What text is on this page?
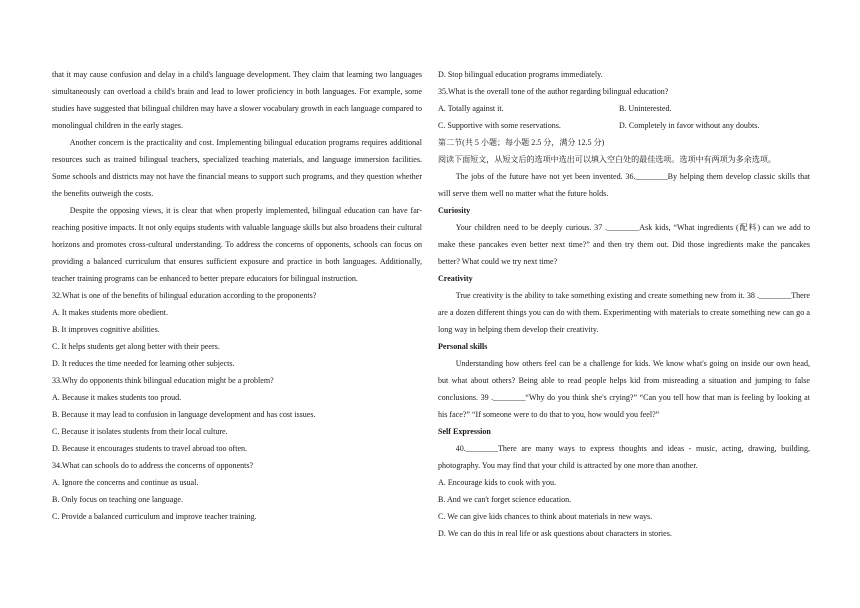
that it may cause confusion and delay in a child's language development. They claim that learning two languages simultaneously can overload a child's brain and lead to lower proficiency in both languages. For example, some studies have suggested that bilingual children may have a slower vocabulary growth in each language compared to monolingual children in the early stages.

Another concern is the practicality and cost. Implementing bilingual education programs requires additional resources such as trained bilingual teachers, specialized teaching materials, and language immersion facilities. Some schools and districts may not have the financial means to support such programs, and they question whether the benefits outweigh the costs.

Despite the opposing views, it is clear that when properly implemented, bilingual education can have far-reaching positive impacts. It not only equips students with valuable language skills but also broadens their cultural horizons and promotes cross-cultural understanding. To address the concerns of opponents, schools can focus on providing a balanced curriculum that ensures sufficient exposure and practice in both languages. Additionally, teacher training programs can be enhanced to better prepare educators for bilingual instruction.

32.What is one of the benefits of bilingual education according to the proponents?

A. It makes students more obedient.

B. It improves cognitive abilities.

C. It helps students get along better with their peers.

D. It reduces the time needed for learning other subjects.

33.Why do opponents think bilingual education might be a problem?

A. Because it makes students too proud.

B. Because it may lead to confusion in language development and has cost issues.

C. Because it isolates students from their local culture.

D. Because it encourages students to travel abroad too often.

34.What can schools do to address the concerns of opponents?

A. Ignore the concerns and continue as usual.

B. Only focus on teaching one language.

C. Provide a balanced curriculum and improve teacher training.

D. Stop bilingual education programs immediately.

35.What is the overall tone of the author regarding bilingual education?

A. Totally against it.	B. Uninterested.
C. Supportive with some reservations.	D. Completely in favor without any doubts.

第二节(共 5 小题；每小题 2.5 分，满分 12.5 分)

阅读下面短文，从短文后的选项中选出可以填入空白处的最佳选项。选项中有两项为多余选项。

The jobs of the future have not yet been invented. 36.________By helping them develop classic skills that will serve them well no matter what the future holds.

Curiosity

Your children need to be deeply curious. 37 .________Ask kids, “What ingredients (配料) can we add to make these pancakes even better next time?” and then try them out. Did those ingredients make the pancakes better? What could we try next time?

Creativity

True creativity is the ability to take something existing and create something new from it. 38 .________There are a dozen different things you can do with them. Experimenting with materials to create something new can go a long way in helping them develop their creativity.

Personal skills

Understanding how others feel can be a challenge for kids. We know what's going on inside our own head, but what about others? Being able to read people helps kid from misreading a situation and jumping to false conclusions. 39 .________“Why do you think she's crying?” “Can you tell how that man is feeling by looking at his face?” “If someone were to do that to you, how would you feel?”

Self Expression

40.________There are many ways to express thoughts and ideas - music, acting, drawing, building, photography. You may find that your child is attracted by one more than another.

A. Encourage kids to cook with you.

B. And we can't forget science education.

C. We can give kids chances to think about materials in new ways.

D. We can do this in real life or ask questions about characters in stories.
